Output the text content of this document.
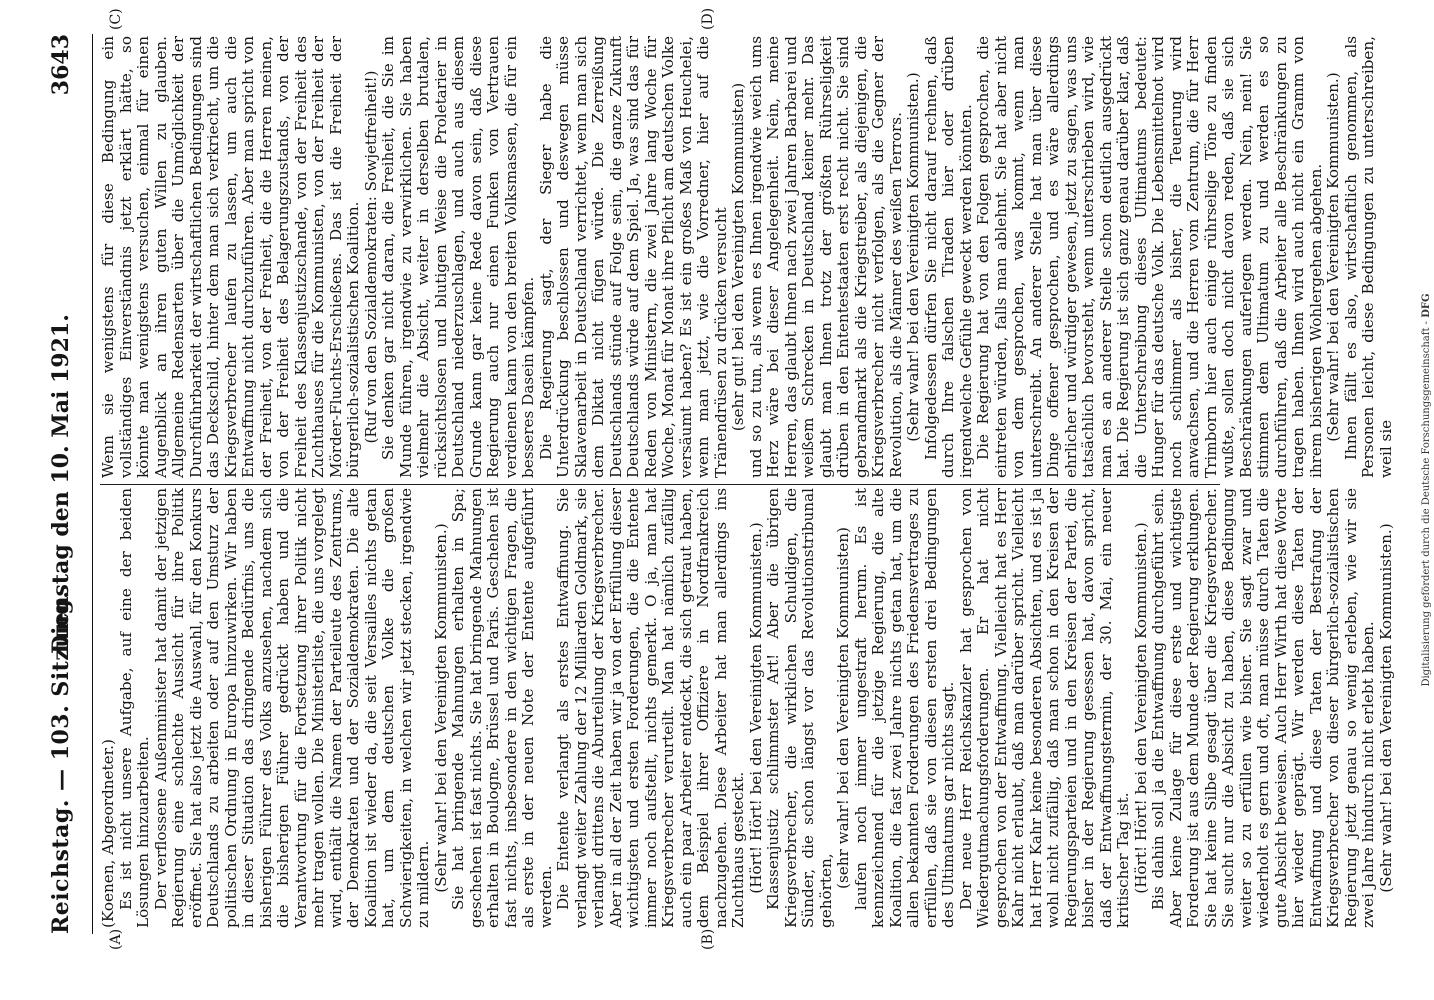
Reichstag. — 103. Sitzung.
Dienstag den 10. Mai 1921.
3643
(A)	(B)
(C)	(D)

(Koenen, Abgeordneter.) Es ist nicht unsere Aufgabe, auf eine der beiden Lösungen hinzuarbeiten. Der verflossene Außenminister hat damit der jetzigen Regierung eine schlechte Aussicht für ihre Politik eröffnet. Sie hat also jetzt die Auswahl, für den Konkurs Deutschlands zu arbeiten oder auf den Umsturz der politischen Ordnung in Europa hinzuwirken. Wir haben in dieser Situation das dringende Bedürfnis, uns die bisherigen Führer des Volks anzusehen, nachdem sich die bisherigen Führer gedrückt haben und die Verantwortung für die Fortsetzung ihrer Politik nicht mehr tragen wollen. Die Ministerliste, die uns vorgelegt wird, enthält die Namen der Parteileute des Zentrums, der Demokraten und der Sozialdemokraten. Die alte Koalition ist wieder da, die seit Versailles nichts getan hat, um dem deutschen Volke die großen Schwierigkeiten, in welchen wir jetzt stecken, irgendwie zu mildern. (Sehr wahr! bei den Vereinigten Kommunisten.) Sie hat bringende Mahnungen erhalten in Spa; geschehen ist fast nichts. Sie hat bringende Mahnungen erhalten in Boulogne, Brüssel und Paris. Geschehen ist fast nichts, insbesondere in den wichtigen Fragen, die als erste in der neuen Note der Entente aufgeführt werden. Die Entente verlangt als erstes Entwaffnung. Sie verlangt weiter Zahlung der 12 Milliarden Goldmark, sie verlangt drittens die Aburteilung der Kriegsverbrecher. Aber in all der Zeit haben wir ja von der Erfüllung dieser wichtigsten und ersten Forderungen, die die Entente immer noch aufstellt, nichts gemerkt. O ja, man hat Kriegsverbrecher verurteilt. Man hat nämlich zufällig auch ein paar Arbeiter entdeckt, die sich getraut haben, dem Beispiel ihrer Offiziere in Nordfrankreich nachzugehen. Diese Arbeiter hat man allerdings ins Zuchthaus gesteckt. (Hört! Hört! bei den Vereinigten Kommunisten.) Klassenjustiz schlimmster Art! Aber die übrigen Kriegsverbrecher, die wirklichen Schuldigen, die Sünder, die schon längst vor das Revolutionstribunal gehörten,

(sehr wahr! bei den Vereinigten Kommunisten) laufen noch immer ungestraft herum. Es ist kennzeichnend für die jetzige Regierung, die alte Koalition, die fast zwei Jahre nichts getan hat, um die allen bekannten Forderungen des Friedensvertrages zu erfüllen, daß sie von diesen ersten drei Bedingungen des Ultimatums gar nichts sagt. Der neue Herr Reichskanzler hat gesprochen von Wiedergutmachungsforderungen. Er hat nicht gesprochen von der Entwaffnung. Vielleicht hat es Herr Kahr nicht erlaubt, daß man darüber spricht. Vielleicht hat Herr Kahr keine besonderen Absichten, und es ist ja wohl nicht zufällig, daß man schon in den Kreisen der Regierungsparteien und in den Kreisen der Partei, die bisher in der Regierung gesessen hat, davon spricht, daß der Entwaffnungstermin, der 30. Mai, ein neuer kritischer Tag ist. (Hört! Hört! bei den Vereinigten Kommunisten.) Bis dahin soll ja die Entwaffnung durchgeführt sein. Aber keine Zulage für diese erste und wichtigste Forderung ist aus dem Munde der Regierung erklungen. Sie hat keine Silbe gesagt über die Kriegsverbrecher. Sie sucht nur die Absicht zu haben, diese Bedingung weiter so zu erfüllen wie bisher. Sie sagt zwar und wiederholt es gern und oft, man müsse durch Taten die gute Absicht beweisen. Auch Herr Wirth hat diese Worte hier wieder geprägt. Wir werden diese Taten der Entwaffnung und diese Taten der Bestrafung der Kriegsverbrecher von dieser bürgerlich-sozialistischen Regierung jetzt genau so wenig erleben, wie wir sie zwei Jahre hindurch nicht erlebt haben. (Sehr wahr! bei den Vereinigten Kommunisten.)

Wenn sie wenigstens für diese Bedingung ein vollständiges Einverständnis jetzt erklärt hätte, so könnte man wenigstens versuchen, einmal für einen Augenblick an ihren guten Willen zu glauben. Allgemeine Redensarten über die Unmöglichkeit der Durchführbarkeit der wirtschaftlichen Bedingungen sind das Deckschild, hinter dem man sich verkriecht, um die Kriegsverbrecher laufen zu lassen, um auch die Entwaffnung nicht durchzuführen. Aber man spricht von der Freiheit, von der Freiheit, die die Herren meinen, von der Freiheit des Belagerungszustands, von der Freiheit des Klassenjustizschande, von der Freiheit des Zuchthauses für die Kommunisten, von der Freiheit der Mörder-Fluchts-Erschießens. Das ist die Freiheit der bürgerlich-sozialistischen Koalition. (Ruf von den Sozialdemokraten: Sowjetfreiheit!) Sie denken gar nicht daran, die Freiheit, die Sie im Munde führen, irgendwie zu verwirklichen. Sie haben vielmehr die Absicht, weiter in derselben brutalen, rücksichtslosen und blutigen Weise die Proletarier in Deutschland niederzuschlagen, und auch aus diesem Grunde kann gar keine Rede davon sein, daß diese Regierung auch nur einen Funken von Vertrauen verdienen kann von den breiten Volksmassen, die für ein besseres Dasein kämpfen. Die Regierung sagt, der Sieger habe die Unterdrückung beschlossen und deswegen müsse Sklavenarbeit in Deutschland verrichtet, wenn man sich dem Diktat nicht fügen würde. Die Zerreißung Deutschlands stünde auf Folge sein, die ganze Zukunft Deutschlands würde auf dem Spiel. Ja, was sind das für Reden von Ministern, die zwei Jahre lang Woche für Woche, Monat für Monat ihre Pflicht am deutschen Volke versäumt haben? Es ist ein großes Maß von Heuchelei, wenn man jetzt, wie die Vorredner, hier auf die Tränendrüsen zu drücken versucht (sehr gut! bei den Vereinigten Kommunisten) und so zu tun, als wenn es Ihnen irgendwie weich ums Herz wäre bei dieser Angelegenheit. Nein, meine Herren, das glaubt Ihnen nach zwei Jahren Barbarei und weißem Schrecken in Deutschland keiner mehr. Das glaubt man Ihnen trotz der größten Rührseligkeit drüben in den Ententestaaten erst recht nicht. Sie sind gebrandmarkt als die Kriegstreiber, als diejenigen, die Kriegsverbrecher nicht verfolgen, als die Gegner der Revolution, als die Männer des weißen Terrors. (Sehr wahr! bei den Vereinigten Kommunisten.) Infolgedessen dürfen Sie nicht darauf rechnen, daß durch Ihre falschen Tiraden hier oder drüben irgendwelche Gefühle geweckt werden könnten. Die Regierung hat von den Folgen gesprochen, die eintreten würden, falls man ablehnt. Sie hat aber nicht von dem gesprochen, was kommt, wenn man unterschreibt. An anderer Stelle hat man über diese Dinge offener gesprochen, und es wäre allerdings ehrlicher und würdiger gewesen, jetzt zu sagen, was uns tatsächlich bevorsteht, wenn unterschrieben wird, wie man es an anderer Stelle schon deutlich ausgedrückt hat. Die Regierung ist sich ganz genau darüber klar, daß die Unterschreibung dieses Ultimatums bedeutet: Hunger für das deutsche Volk. Die Lebensmittelnot wird noch schlimmer als bisher, die Teuerung wird anwachsen, und die Herren vom Zentrum, die für Herr Trimborn hier auch einige rührselige Töne zu finden wußte, sollen doch nicht davon reden, daß sie sich Beschränkungen auferlegen werden. Nein, nein! Sie stimmen dem Ultimatum zu und werden es so durchführen, daß die Arbeiter alle Beschränkungen zu tragen haben. Ihnen wird auch nicht ein Gramm von ihrem bisherigen Wohlergehen abgehen. (Sehr wahr! bei den Vereinigten Kommunisten.) Ihnen fällt es also, wirtschaftlich genommen, als Personen leicht, diese Bedingungen zu unterschreiben, weil sie	Digitalisierung gefördert durch die Deutsche Forschungsgemeinschaft - DFG
